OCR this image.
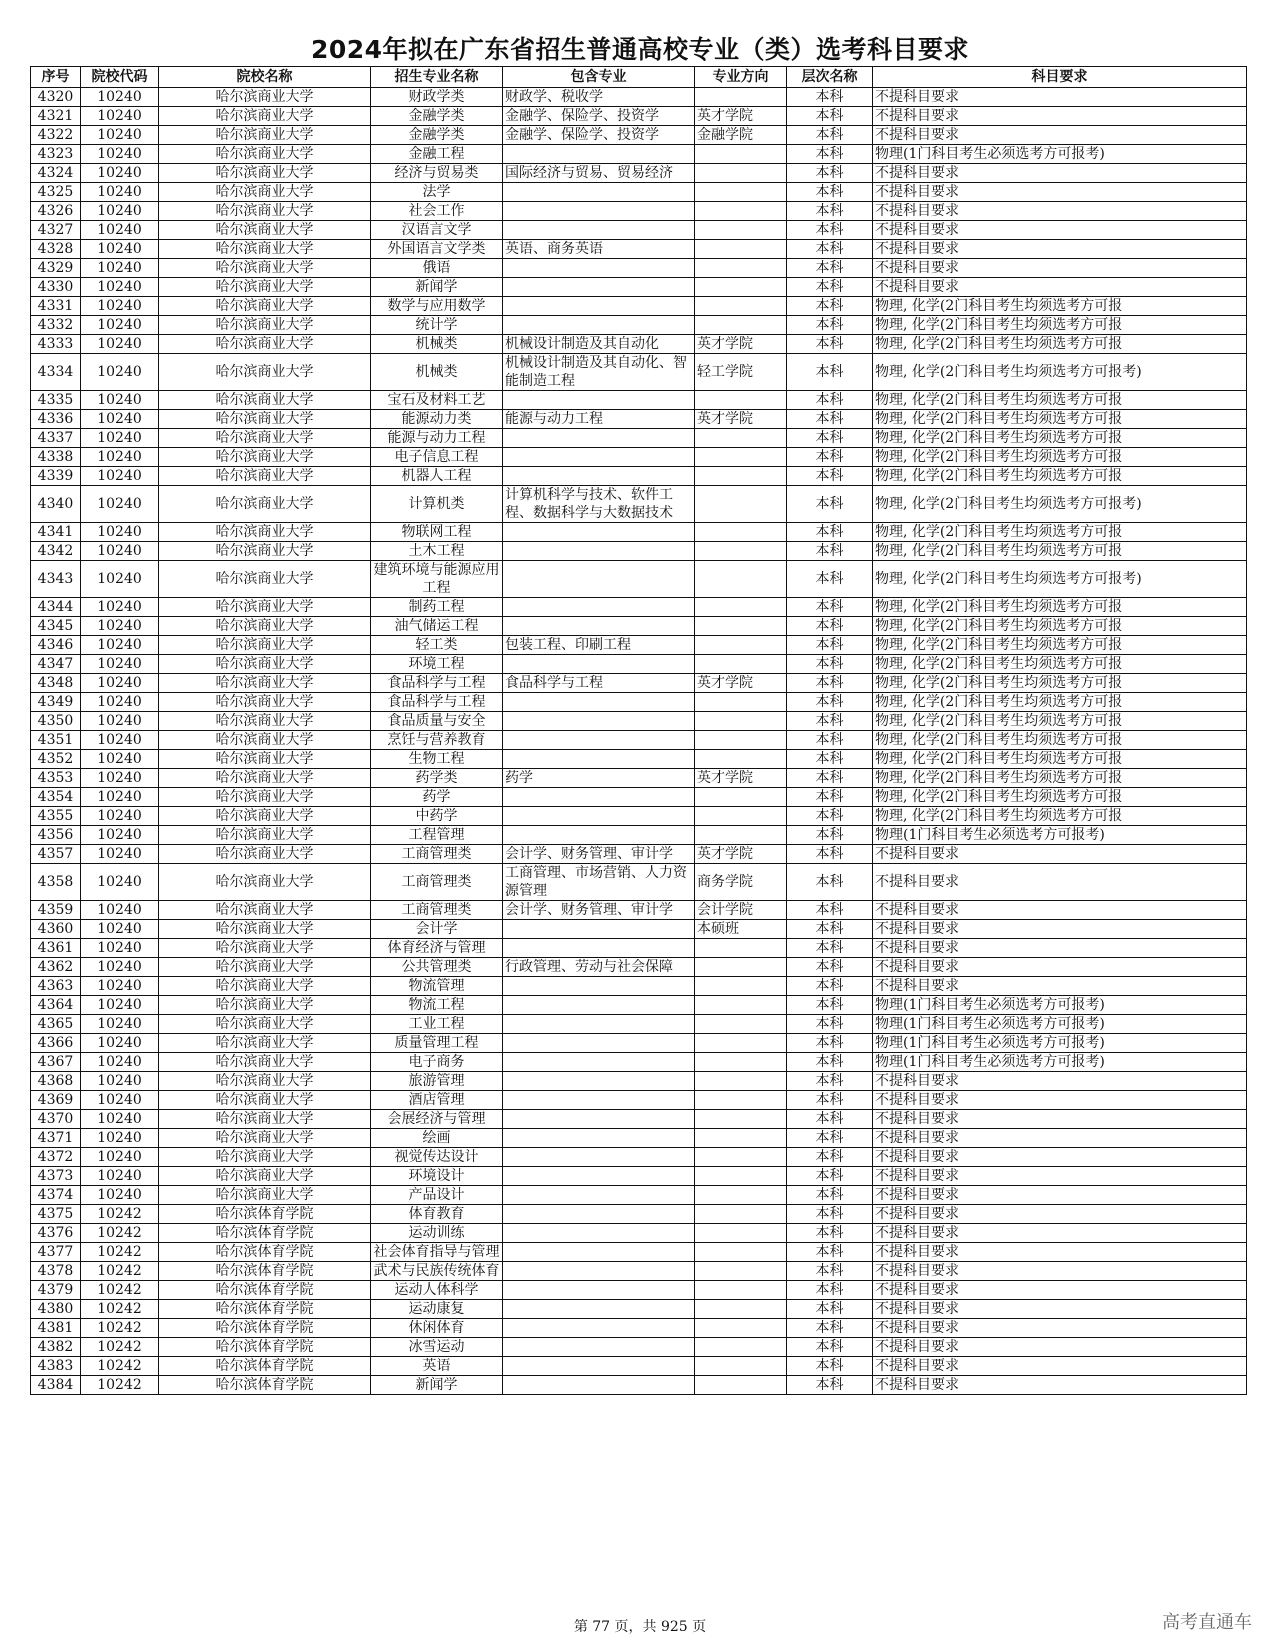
2024年拟在广东省招生普通高校专业（类）选考科目要求
序号	院校代码	院校名称	招生专业名称	包含专业	专业方向	层次名称	科目要求
4320	10240	哈尔滨商业大学	财政学类	财政学、税收学		本科	不提科目要求
4321	10240	哈尔滨商业大学	金融学类	金融学、保险学、投资学	英才学院	本科	不提科目要求
4322	10240	哈尔滨商业大学	金融学类	金融学、保险学、投资学	金融学院	本科	不提科目要求
4323	10240	哈尔滨商业大学	金融工程			本科	物理(1门科目考生必须选考方可报考)
4324	10240	哈尔滨商业大学	经济与贸易类	国际经济与贸易、贸易经济		本科	不提科目要求
4325	10240	哈尔滨商业大学	法学			本科	不提科目要求
4326	10240	哈尔滨商业大学	社会工作			本科	不提科目要求
4327	10240	哈尔滨商业大学	汉语言文学			本科	不提科目要求
4328	10240	哈尔滨商业大学	外国语言文学类	英语、商务英语		本科	不提科目要求
4329	10240	哈尔滨商业大学	俄语			本科	不提科目要求
4330	10240	哈尔滨商业大学	新闻学			本科	不提科目要求
4331	10240	哈尔滨商业大学	数学与应用数学			本科	物理, 化学(2门科目考生均须选考方可报
4332	10240	哈尔滨商业大学	统计学			本科	物理, 化学(2门科目考生均须选考方可报
4333	10240	哈尔滨商业大学	机械类	机械设计制造及其自动化	英才学院	本科	物理, 化学(2门科目考生均须选考方可报
4334	10240	哈尔滨商业大学	机械类	机械设计制造及其自动化、智能制造工程	轻工学院	本科	物理, 化学(2门科目考生均须选考方可报考)
4335	10240	哈尔滨商业大学	宝石及材料工艺			本科	物理, 化学(2门科目考生均须选考方可报
4336	10240	哈尔滨商业大学	能源动力类	能源与动力工程	英才学院	本科	物理, 化学(2门科目考生均须选考方可报
4337	10240	哈尔滨商业大学	能源与动力工程			本科	物理, 化学(2门科目考生均须选考方可报
4338	10240	哈尔滨商业大学	电子信息工程			本科	物理, 化学(2门科目考生均须选考方可报
4339	10240	哈尔滨商业大学	机器人工程			本科	物理, 化学(2门科目考生均须选考方可报
4340	10240	哈尔滨商业大学	计算机类	计算机科学与技术、软件工程、数据科学与大数据技术		本科	物理, 化学(2门科目考生均须选考方可报考)
4341	10240	哈尔滨商业大学	物联网工程			本科	物理, 化学(2门科目考生均须选考方可报
4342	10240	哈尔滨商业大学	土木工程			本科	物理, 化学(2门科目考生均须选考方可报
4343	10240	哈尔滨商业大学	建筑环境与能源应用工程			本科	物理, 化学(2门科目考生均须选考方可报考)
4344	10240	哈尔滨商业大学	制药工程			本科	物理, 化学(2门科目考生均须选考方可报
4345	10240	哈尔滨商业大学	油气储运工程			本科	物理, 化学(2门科目考生均须选考方可报
4346	10240	哈尔滨商业大学	轻工类	包装工程、印刷工程		本科	物理, 化学(2门科目考生均须选考方可报
4347	10240	哈尔滨商业大学	环境工程			本科	物理, 化学(2门科目考生均须选考方可报
4348	10240	哈尔滨商业大学	食品科学与工程	食品科学与工程	英才学院	本科	物理, 化学(2门科目考生均须选考方可报
4349	10240	哈尔滨商业大学	食品科学与工程			本科	物理, 化学(2门科目考生均须选考方可报
4350	10240	哈尔滨商业大学	食品质量与安全			本科	物理, 化学(2门科目考生均须选考方可报
4351	10240	哈尔滨商业大学	烹饪与营养教育			本科	物理, 化学(2门科目考生均须选考方可报
4352	10240	哈尔滨商业大学	生物工程			本科	物理, 化学(2门科目考生均须选考方可报
4353	10240	哈尔滨商业大学	药学类	药学	英才学院	本科	物理, 化学(2门科目考生均须选考方可报
4354	10240	哈尔滨商业大学	药学			本科	物理, 化学(2门科目考生均须选考方可报
4355	10240	哈尔滨商业大学	中药学			本科	物理, 化学(2门科目考生均须选考方可报
4356	10240	哈尔滨商业大学	工程管理			本科	物理(1门科目考生必须选考方可报考)
4357	10240	哈尔滨商业大学	工商管理类	会计学、财务管理、审计学	英才学院	本科	不提科目要求
4358	10240	哈尔滨商业大学	工商管理类	工商管理、市场营销、人力资源管理	商务学院	本科	不提科目要求
4359	10240	哈尔滨商业大学	工商管理类	会计学、财务管理、审计学	会计学院	本科	不提科目要求
4360	10240	哈尔滨商业大学	会计学		本硕班	本科	不提科目要求
4361	10240	哈尔滨商业大学	体育经济与管理			本科	不提科目要求
4362	10240	哈尔滨商业大学	公共管理类	行政管理、劳动与社会保障		本科	不提科目要求
4363	10240	哈尔滨商业大学	物流管理			本科	不提科目要求
4364	10240	哈尔滨商业大学	物流工程			本科	物理(1门科目考生必须选考方可报考)
4365	10240	哈尔滨商业大学	工业工程			本科	物理(1门科目考生必须选考方可报考)
4366	10240	哈尔滨商业大学	质量管理工程			本科	物理(1门科目考生必须选考方可报考)
4367	10240	哈尔滨商业大学	电子商务			本科	物理(1门科目考生必须选考方可报考)
4368	10240	哈尔滨商业大学	旅游管理			本科	不提科目要求
4369	10240	哈尔滨商业大学	酒店管理			本科	不提科目要求
4370	10240	哈尔滨商业大学	会展经济与管理			本科	不提科目要求
4371	10240	哈尔滨商业大学	绘画			本科	不提科目要求
4372	10240	哈尔滨商业大学	视觉传达设计			本科	不提科目要求
4373	10240	哈尔滨商业大学	环境设计			本科	不提科目要求
4374	10240	哈尔滨商业大学	产品设计			本科	不提科目要求
4375	10242	哈尔滨体育学院	体育教育			本科	不提科目要求
4376	10242	哈尔滨体育学院	运动训练			本科	不提科目要求
4377	10242	哈尔滨体育学院	社会体育指导与管理			本科	不提科目要求
4378	10242	哈尔滨体育学院	武术与民族传统体育			本科	不提科目要求
4379	10242	哈尔滨体育学院	运动人体科学			本科	不提科目要求
4380	10242	哈尔滨体育学院	运动康复			本科	不提科目要求
4381	10242	哈尔滨体育学院	休闲体育			本科	不提科目要求
4382	10242	哈尔滨体育学院	冰雪运动			本科	不提科目要求
4383	10242	哈尔滨体育学院	英语			本科	不提科目要求
4384	10242	哈尔滨体育学院	新闻学			本科	不提科目要求
第 77 页，共 925 页	高考直通车
